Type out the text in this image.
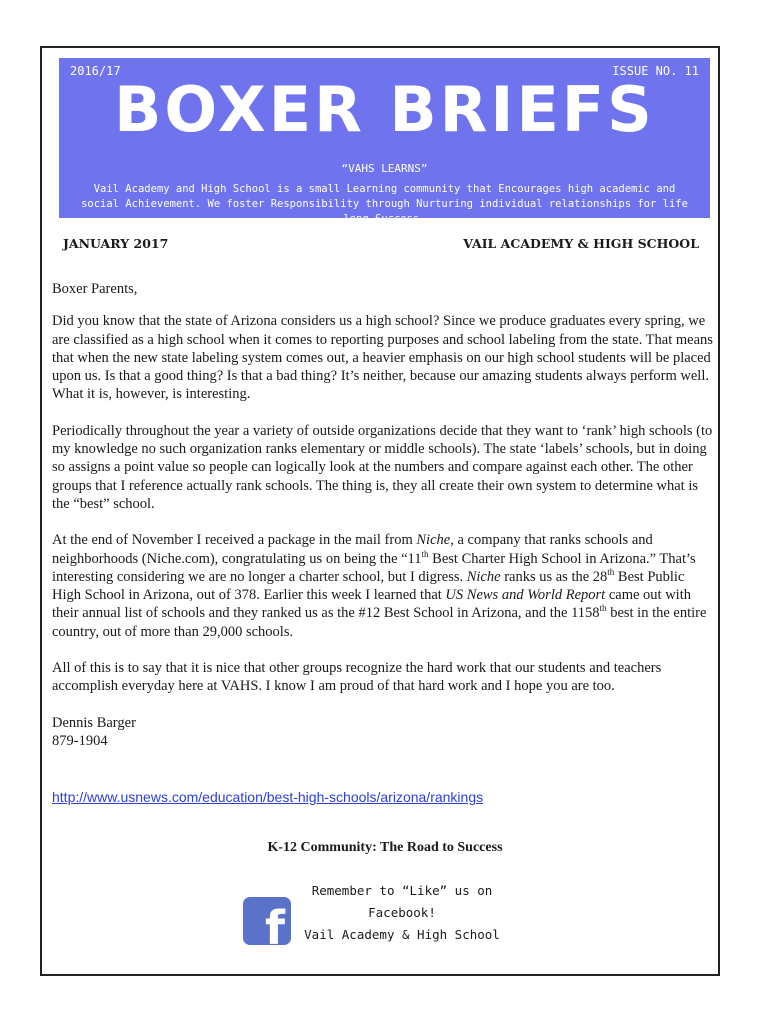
2016/17	ISSUE NO. 11
BOXER BRIEFS
“VAHS LEARNS”
Vail Academy and High School is a small Learning community that Encourages high academic and
social Achievement. We foster Responsibility through Nurturing individual relationships for life long Success.
JANUARY 2017	VAIL ACADEMY & HIGH SCHOOL

Boxer Parents,

Did you know that the state of Arizona considers us a high school? Since we produce graduates every spring, we are classified as a high school when it comes to reporting purposes and school labeling from the state. That means that when the new state labeling system comes out, a heavier emphasis on our high school students will be placed upon us. Is that a good thing? Is that a bad thing? It’s neither, because our amazing students always perform well. What it is, however, is interesting.

Periodically throughout the year a variety of outside organizations decide that they want to ‘rank’ high schools (to my knowledge no such organization ranks elementary or middle schools). The state ‘labels’ schools, but in doing so assigns a point value so people can logically look at the numbers and compare against each other. The other groups that I reference actually rank schools. The thing is, they all create their own system to determine what is the “best” school.

At the end of November I received a package in the mail from Niche, a company that ranks schools and neighborhoods (Niche.com), congratulating us on being the “11th Best Charter High School in Arizona.” That’s interesting considering we are no longer a charter school, but I digress. Niche ranks us as the 28th Best Public High School in Arizona, out of 378. Earlier this week I learned that US News and World Report came out with their annual list of schools and they ranked us as the #12 Best School in Arizona, and the 1158th best in the entire country, out of more than 29,000 schools.

All of this is to say that it is nice that other groups recognize the hard work that our students and teachers accomplish everyday here at VAHS. I know I am proud of that hard work and I hope you are too.

Dennis Barger

879-1904

http://www.usnews.com/education/best-high-schools/arizona/rankings
K-12 Community: The Road to Success
f
Remember to “Like” us on
Facebook!
Vail Academy & High School
